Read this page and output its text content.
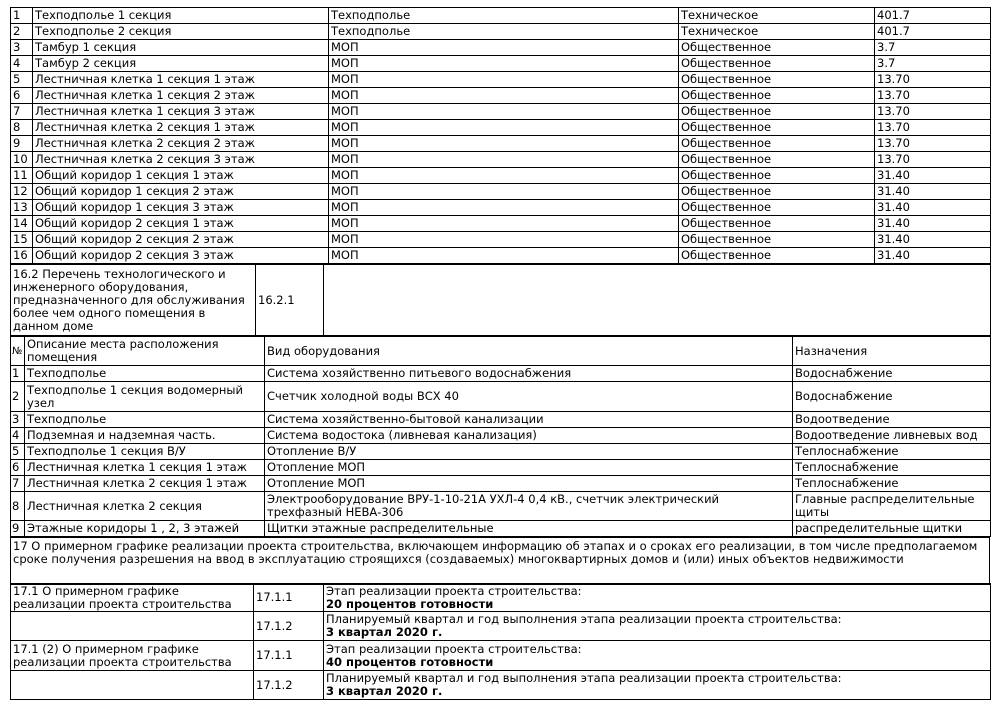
1	Техподполье 1 секция	Техподполье	Техническое	401.7
2	Техподполье 2 секция	Техподполье	Техническое	401.7
3	Тамбур 1 секция	МОП	Общественное	3.7
4	Тамбур 2 секция	МОП	Общественное	3.7
5	Лестничная клетка 1 секция 1 этаж	МОП	Общественное	13.70
6	Лестничная клетка 1 секция 2 этаж	МОП	Общественное	13.70
7	Лестничная клетка 1 секция 3 этаж	МОП	Общественное	13.70
8	Лестничная клетка 2 секция 1 этаж	МОП	Общественное	13.70
9	Лестничная клетка 2 секция 2 этаж	МОП	Общественное	13.70
10	Лестничная клетка 2 секция 3 этаж	МОП	Общественное	13.70
11	Общий коридор 1 секция 1 этаж	МОП	Общественное	31.40
12	Общий коридор 1 секция 2 этаж	МОП	Общественное	31.40
13	Общий коридор 1 секция 3 этаж	МОП	Общественное	31.40
14	Общий коридор 2 секция 1 этаж	МОП	Общественное	31.40
15	Общий коридор 2 секция 2 этаж	МОП	Общественное	31.40
16	Общий коридор 2 секция 3 этаж	МОП	Общественное	31.40
16.2 Перечень технологического и инженерного оборудования, предназначенного для обслуживания более чем одного помещения в данном доме	16.2.1	
№	Описание места расположения помещения	Вид оборудования	Назначения
1	Техподполье	Система хозяйственно питьевого водоснабжения	Водоснабжение
2	Техподполье 1 секция водомерный узел	Счетчик холодной воды ВСХ 40	Водоснабжение
3	Техподполье	Система хозяйственно-бытовой канализации	Водоотведение
4	Подземная и надземная часть.	Система водостока (ливневая канализация)	Водоотведение ливневых вод
5	Техподполье 1 секция В/У	Отопление В/У	Теплоснабжение
6	Лестничная клетка 1 секция 1 этаж	Отопление МОП	Теплоснабжение
7	Лестничная клетка 2 секция 1 этаж	Отопление МОП	Теплоснабжение
8	Лестничная клетка 2 секция	Электрооборудование ВРУ-1-10-21А УХЛ-4 0,4 кВ., счетчик электрический трехфазный НЕВА-306	Главные распределительные щиты
9	Этажные коридоры 1 , 2, 3 этажей	Щитки этажные распределительные	распределительные щитки
17 О примерном графике реализации проекта строительства, включающем информацию об этапах и о сроках его реализации, в том числе предполагаемом сроке получения разрешения на ввод в эксплуатацию строящихся (создаваемых) многоквартирных домов и (или) иных объектов недвижимости
17.1 О примерном графике реализации проекта строительства	17.1.1	Этап реализации проекта строительства:
20 процентов готовности

	17.1.2	Планируемый квартал и год выполнения этапа реализации проекта строительства:
3 квартал 2020 г.

17.1 (2) О примерном графике реализации проекта строительства	17.1.1	Этап реализации проекта строительства:
40 процентов готовности

	17.1.2	Планируемый квартал и год выполнения этапа реализации проекта строительства:
3 квартал 2020 г.
